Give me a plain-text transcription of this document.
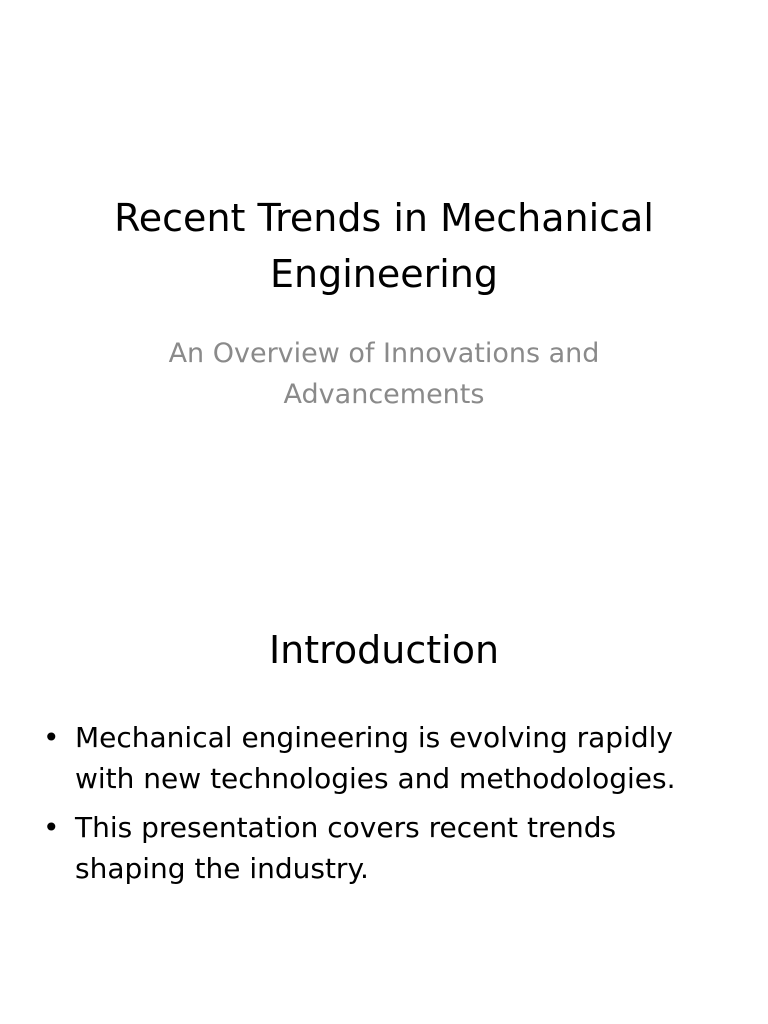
Recent Trends in Mechanical Engineering

An Overview of Innovations and Advancements

Introduction
• Mechanical engineering is evolving rapidly with new technologies and methodologies.
• This presentation covers recent trends shaping the industry.
